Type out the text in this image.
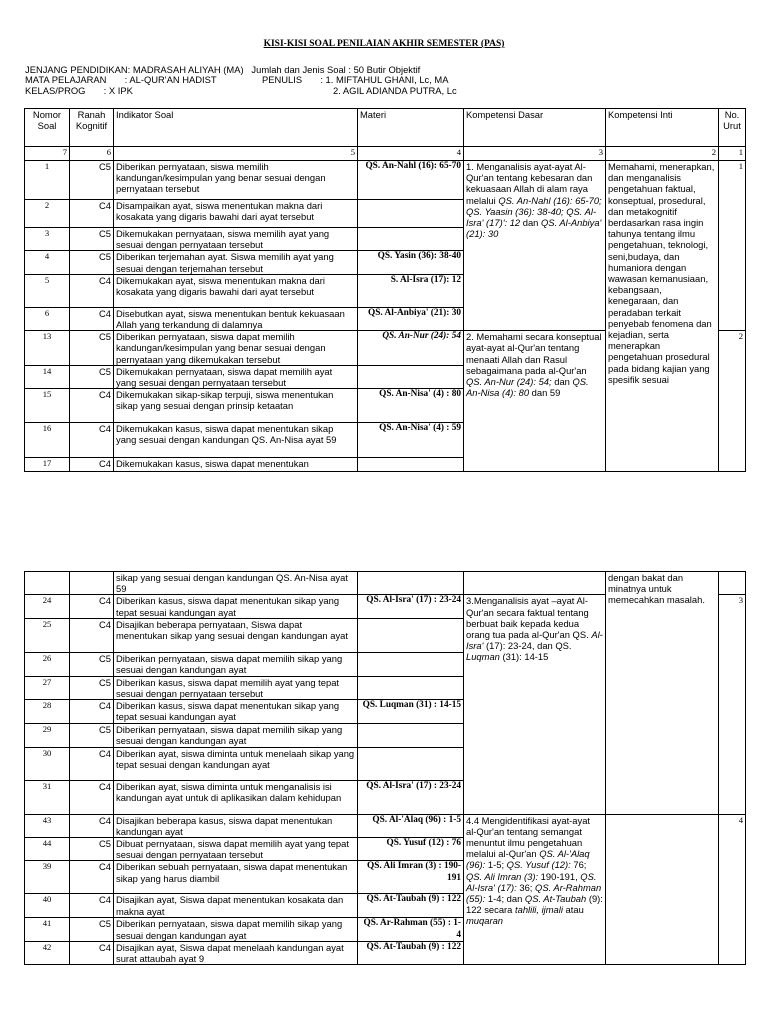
KISI-KISI SOAL PENILAIAN AKHIR SEMESTER (PAS)
JENJANG PENDIDIKAN: MADRASAH ALIYAH (MA)   Jumlah dan Jenis Soal : 50 Butir Objektif
MATA PELAJARAN       : AL-QUR'AN HADIST	PENULIS       : 1. MIFTAHUL GHANI, Lc, MA
KELAS/PROG       : X IPK	2. AGIL ADIANDA PUTRA, Lc
Nomor Soal	Ranah Kognitif	Indikator Soal	Materi	Kompetensi Dasar	Kompetensi Inti	No. Urut
7	6	5	4	3	2	1
1	C5	Diberikan pernyataan, siswa memilih kandungan/kesimpulan yang benar sesuai dengan pernyataan tersebut	QS. An-Nahl (16): 65-70	1. Menganalisis ayat-ayat Al-Qur'an tentang kebesaran dan kekuasaan Allah di alam raya melalui QS. An-Nahl (16): 65-70; QS. Yaasin (36): 38-40; QS. Al-Isra' (17)': 12 dan QS. Al-Anbiya' (21): 30	Memahami, menerapkan, dan menganalisis pengetahuan faktual, konseptual, prosedural, dan metakognitif berdasarkan rasa ingin tahunya tentang ilmu pengetahuan, teknologi, seni,budaya, dan humaniora dengan wawasan kemanusiaan, kebangsaan, kenegaraan, dan peradaban terkait penyebab fenomena dan kejadian, serta menerapkan pengetahuan prosedural pada bidang kajian yang spesifik sesuai	1
2	C4	Disampaikan ayat, siswa menentukan makna dari kosakata yang digaris bawahi dari ayat tersebut				
3	C5	Dikemukakan pernyataan, siswa memilih ayat yang sesuai dengan pernyataan tersebut				
4	C5	Diberikan terjemahan ayat. Siswa memilih ayat yang sesuai dengan terjemahan tersebut	QS. Yasin (36): 38-40			
5	C4	Dikemukakan ayat, siswa menentukan makna dari kosakata yang digaris bawahi dari ayat tersebut	S. Al-Isra (17): 12			
6	C4	Disebutkan ayat, siswa menentukan bentuk kekuasaan Allah yang terkandung di dalamnya	QS. Al-Anbiya' (21): 30			
13	C5	Diberikan pernyataan, siswa dapat memilih kandungan/kesimpulan yang benar sesuai dengan pernyataan yang dikemukakan tersebut	QS. An-Nur (24): 54	2. Memahami secara konseptual ayat-ayat al-Qur'an tentang menaati Allah dan Rasul sebagaimana pada al-Qur'an QS. An-Nur (24): 54; dan QS. An-Nisa (4): 80 dan 59		2
14	C5	Dikemukakan pernyataan, siswa dapat memilih ayat yang sesuai dengan pernyataan tersebut				
15	C4	Dikemukakan sikap-sikap terpuji, siswa menentukan sikap yang sesuai dengan prinsip ketaatan	QS. An-Nisa' (4) : 80			
16	C4	Dikemukakan kasus, siswa dapat menentukan sikap yang sesuai dengan kandungan QS. An-Nisa ayat 59	QS. An-Nisa' (4) : 59			
17	C4	Dikemukakan kasus, siswa dapat menentukan				
		sikap yang sesuai dengan kandungan QS. An-Nisa ayat 59			dengan bakat dan minatnya untuk memecahkan masalah.	
24	C4	Diberikan kasus, siswa dapat menentukan sikap yang tepat sesuai kandungan ayat	QS. Al-Isra' (17) : 23-24	3.Menganalisis ayat –ayat Al-Qur'an secara faktual tentang berbuat baik kepada kedua orang tua pada al-Qur'an QS. Al-Isra' (17): 23-24, dan QS. Luqman (31): 14-15		3
25	C4	Disajikan beberapa pernyataan, Siswa dapat menentukan sikap yang sesuai dengan kandungan ayat				
26	C5	Diberikan pernyataan, siswa dapat memilih sikap yang sesuai dengan kandungan ayat				
27	C5	Diberikan kasus, siswa dapat memilih ayat yang tepat sesuai dengan pernyataan tersebut				
28	C4	Diberikan kasus, siswa dapat menentukan sikap yang tepat sesuai kandungan ayat	QS. Luqman (31) : 14-15			
29	C5	Diberikan pernyataan, siswa dapat memilih sikap yang sesuai dengan kandungan ayat				
30	C4	Diberikan ayat, siswa diminta untuk menelaah sikap yang tepat sesuai dengan kandungan ayat				
31	C4	Diberikan ayat, siswa diminta untuk menganalisis isi kandungan ayat untuk di aplikasikan dalam kehidupan	QS. Al-Isra' (17) : 23-24			
43	C4	Disajikan beberapa kasus, siswa dapat menentukan kandungan ayat	QS. Al-'Alaq (96) : 1-5	4.4 Mengidentifikasi ayat-ayat al-Qur'an tentang semangat menuntut ilmu pengetahuan melalui al-Qur'an QS. Al-'Alaq (96): 1-5; QS. Yusuf (12): 76; QS. Ali Imran (3): 190-191, QS. Al-Isra' (17): 36; QS. Ar-Rahman (55): 1-4; dan QS. At-Taubah (9): 122 secara tahlili, ijmali atau muqaran		4
44	C5	Dibuat pernyataan, siswa dapat memilih ayat yang tepat sesuai dengan pernyataan tersebut	QS. Yusuf (12) : 76			
39	C4	Diberikan sebuah pernyataan, siswa dapat menentukan sikap yang harus diambil	QS. Ali Imran (3) : 190-191			
40	C4	Disajikan ayat, Siswa dapat menentukan kosakata dan makna ayat	QS. At-Taubah (9) : 122			
41	C5	Diberikan pernyataan, siswa dapat memilih sikap yang sesuai dengan kandungan ayat	QS. Ar-Rahman (55) : 1-4			
42	C4	Disajikan ayat, Siswa dapat menelaah kandungan ayat surat attaubah ayat 9	QS. At-Taubah (9) : 122			
